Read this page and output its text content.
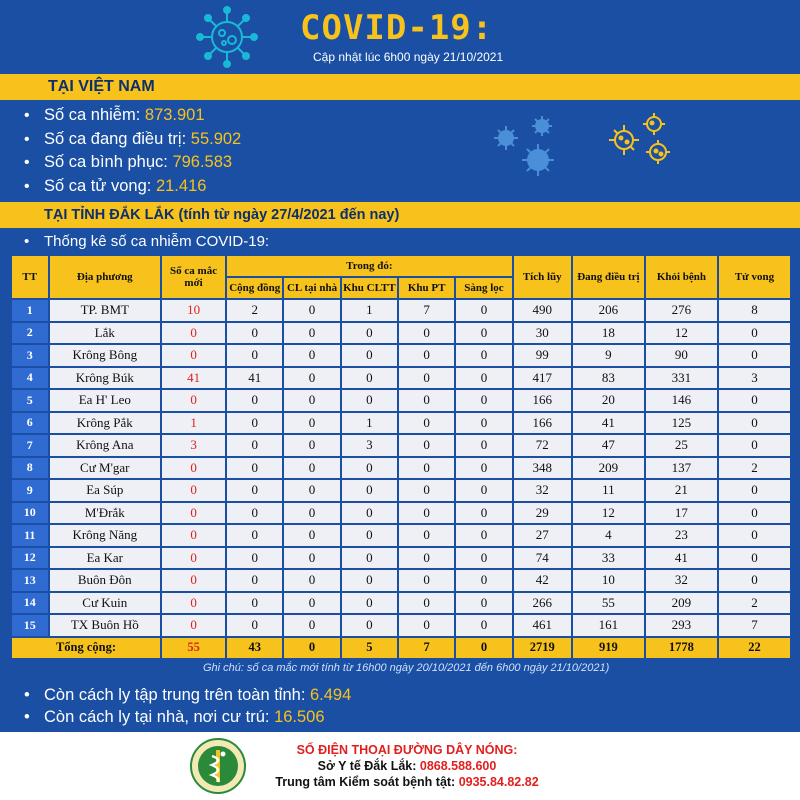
COVID-19:
Cập nhật lúc 6h00 ngày 21/10/2021
TẠI VIỆT NAM
• Số ca nhiễm: 873.901
• Số ca đang điều trị: 55.902
• Số ca bình phục: 796.583
• Số ca tử vong: 21.416
TẠI TỈNH ĐẮK LẮK (tính từ ngày 27/4/2021 đến nay)
• Thống kê số ca nhiễm COVID-19:
TT	Địa phương	Số ca mắc mới	Trong đó:					Tích lũy	Đang điều trị	Khỏi bệnh	Tử vong
			Cộng đồng	CL tại nhà	Khu CLTT	Khu PT	Sàng lọc				
1	TP. BMT	10	2	0	1	7	0	490	206	276	8
2	Lắk	0	0	0	0	0	0	30	18	12	0
3	Krông Bông	0	0	0	0	0	0	99	9	90	0
4	Krông Búk	41	41	0	0	0	0	417	83	331	3
5	Ea H' Leo	0	0	0	0	0	0	166	20	146	0
6	Krông Pắk	1	0	0	1	0	0	166	41	125	0
7	Krông Ana	3	0	0	3	0	0	72	47	25	0
8	Cư M'gar	0	0	0	0	0	0	348	209	137	2
9	Ea Súp	0	0	0	0	0	0	32	11	21	0
10	M'Đrắk	0	0	0	0	0	0	29	12	17	0
11	Krông Năng	0	0	0	0	0	0	27	4	23	0
12	Ea Kar	0	0	0	0	0	0	74	33	41	0
13	Buôn Đôn	0	0	0	0	0	0	42	10	32	0
14	Cư Kuin	0	0	0	0	0	0	266	55	209	2
15	TX Buôn Hồ	0	0	0	0	0	0	461	161	293	7
Tổng cộng:		55	43	0	5	7	0	2719	919	1778	22
Ghi chú: số ca mắc mới tính từ 16h00 ngày 20/10/2021 đến 6h00 ngày 21/10/2021)
• Còn cách ly tập trung trên toàn tỉnh: 6.494
• Còn cách ly tại nhà, nơi cư trú: 16.506
SỐ ĐIỆN THOẠI ĐƯỜNG DÂY NÓNG:
Sở Y tế Đắk Lắk: 0868.588.600
Trung tâm Kiểm soát bệnh tật: 0935.84.82.82
